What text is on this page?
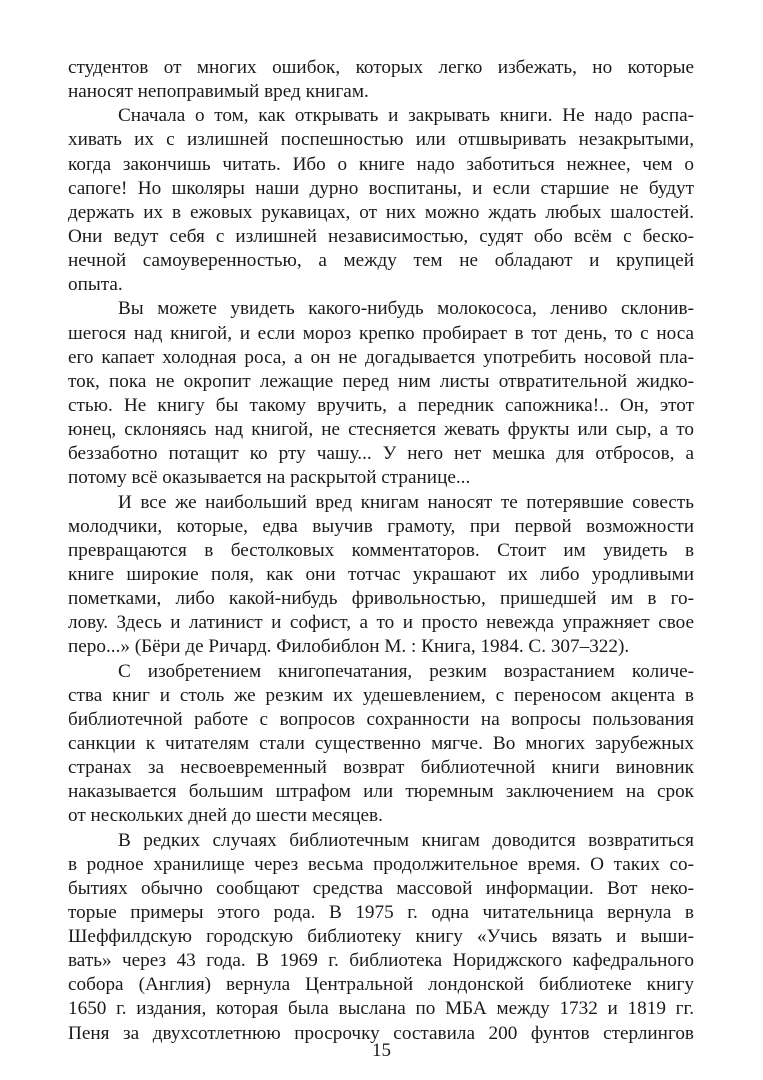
студентов от многих ошибок, которых легко избежать, но которые
наносят непоправимый вред книгам.
Сначала о том, как открывать и закрывать книги. Не надо распа-
хивать их с излишней поспешностью или отшвыривать незакрытыми,
когда закончишь читать. Ибо о книге надо заботиться нежнее, чем о
сапоге! Но школяры наши дурно воспитаны, и если старшие не будут
держать их в ежовых рукавицах, от них можно ждать любых шалостей.
Они ведут себя с излишней независимостью, судят обо всём с беско-
нечной самоуверенностью, а между тем не обладают и крупицей
опыта.
Вы можете увидеть какого-нибудь молокососа, лениво склонив-
шегося над книгой, и если мороз крепко пробирает в тот день, то с носа
его капает холодная роса, а он не догадывается употребить носовой пла-
ток, пока не окропит лежащие перед ним листы отвратительной жидко-
стью. Не книгу бы такому вручить, а передник сапожника!.. Он, этот
юнец, склоняясь над книгой, не стесняется жевать фрукты или сыр, а то
беззаботно потащит ко рту чашу... У него нет мешка для отбросов, а
потому всё оказывается на раскрытой странице...
И все же наибольший вред книгам наносят те потерявшие совесть
молодчики, которые, едва выучив грамоту, при первой возможности
превращаются в бестолковых комментаторов. Стоит им увидеть в
книге широкие поля, как они тотчас украшают их либо уродливыми
пометками, либо какой-нибудь фривольностью, пришедшей им в го-
лову. Здесь и латинист и софист, а то и просто невежда упражняет свое
перо...» (Бёри де Ричард. Филобиблон М. : Книга, 1984. С. 307–322).
С изобретением книгопечатания, резким возрастанием количе-
ства книг и столь же резким их удешевлением, с переносом акцента в
библиотечной работе с вопросов сохранности на вопросы пользования
санкции к читателям стали существенно мягче. Во многих зарубежных
странах за несвоевременный возврат библиотечной книги виновник
наказывается большим штрафом или тюремным заключением на срок
от нескольких дней до шести месяцев.
В редких случаях библиотечным книгам доводится возвратиться
в родное хранилище через весьма продолжительное время. О таких со-
бытиях обычно сообщают средства массовой информации. Вот неко-
торые примеры этого рода. В 1975 г. одна читательница вернула в
Шеффилдскую городскую библиотеку книгу «Учись вязать и выши-
вать» через 43 года. В 1969 г. библиотека Нориджского кафедрального
собора (Англия) вернула Центральной лондонской библиотеке книгу
1650 г. издания, которая была выслана по МБА между 1732 и 1819 гг.
Пеня за двухсотлетнюю просрочку составила 200 фунтов стерлингов
15
